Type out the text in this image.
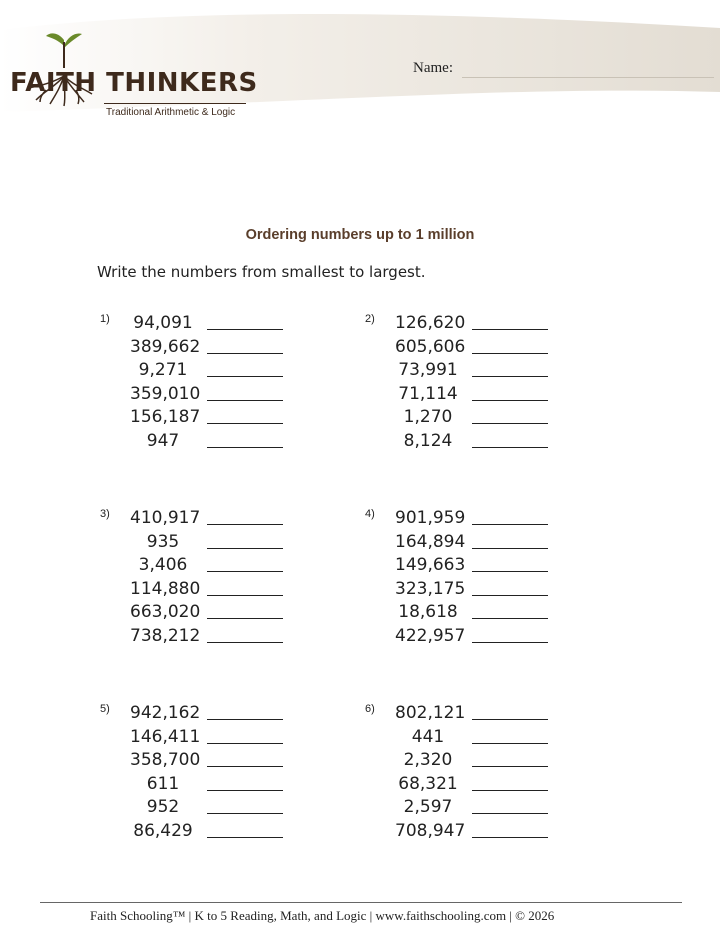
FAITH THINKERS
Traditional Arithmetic & Logic
Name:
Ordering numbers up to 1 million
Write the numbers from smallest to largest.
1) 94,091
389,662
9,271
359,010
156,187
947
2) 126,620
605,606
73,991
71,114
1,270
8,124
3) 410,917
935
3,406
114,880
663,020
738,212
4) 901,959
164,894
149,663
323,175
18,618
422,957
5) 942,162
146,411
358,700
611
952
86,429
6) 802,121
441
2,320
68,321
2,597
708,947
Faith Schooling™ | K to 5 Reading, Math, and Logic | www.faithschooling.com | © 2026
